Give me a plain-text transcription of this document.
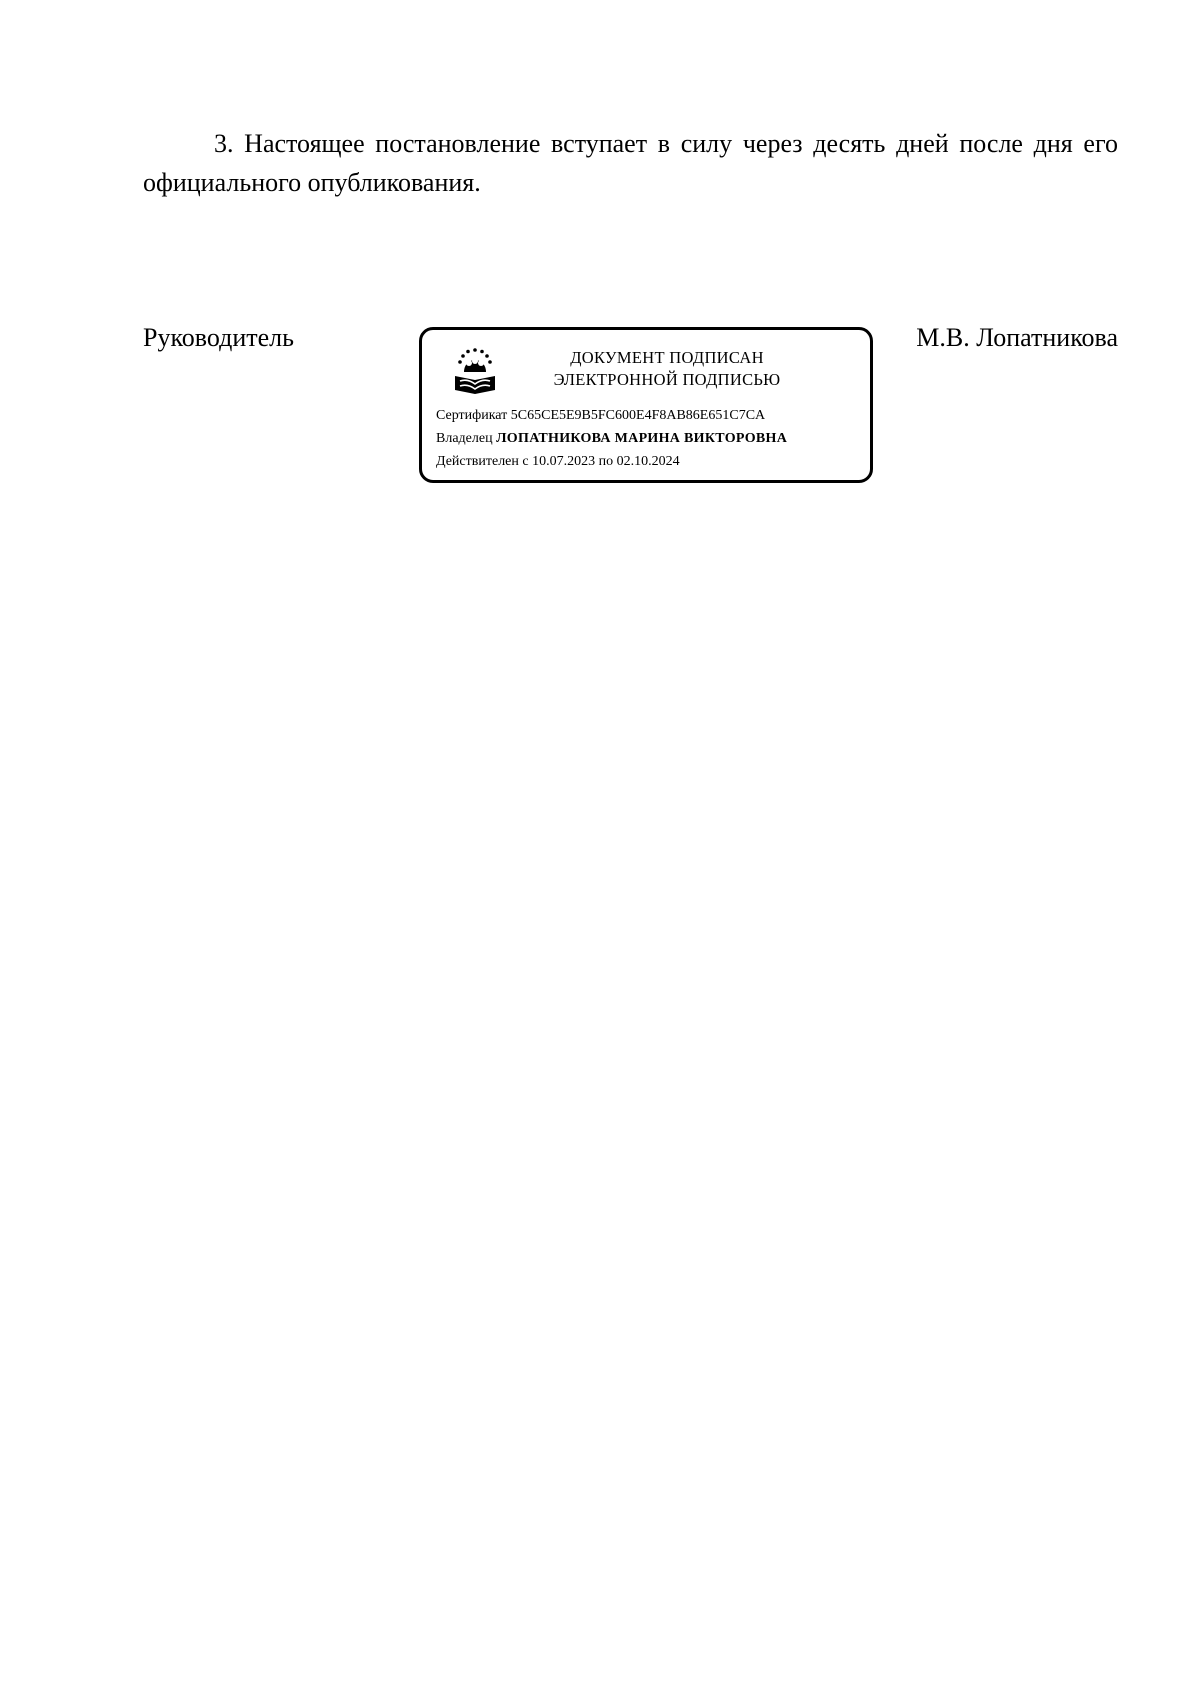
3. Настоящее постановление вступает в силу через десять дней после дня его официального опубликования.

Руководитель

ДОКУМЕНТ ПОДПИСАН
ЭЛЕКТРОННОЙ ПОДПИСЬЮ
Сертификат 5C65CE5E9B5FC600E4F8AB86E651C7CA
Владелец ЛОПАТНИКОВА МАРИНА ВИКТОРОВНА
Действителен с 10.07.2023 по 02.10.2024

М.В. Лопатникова
